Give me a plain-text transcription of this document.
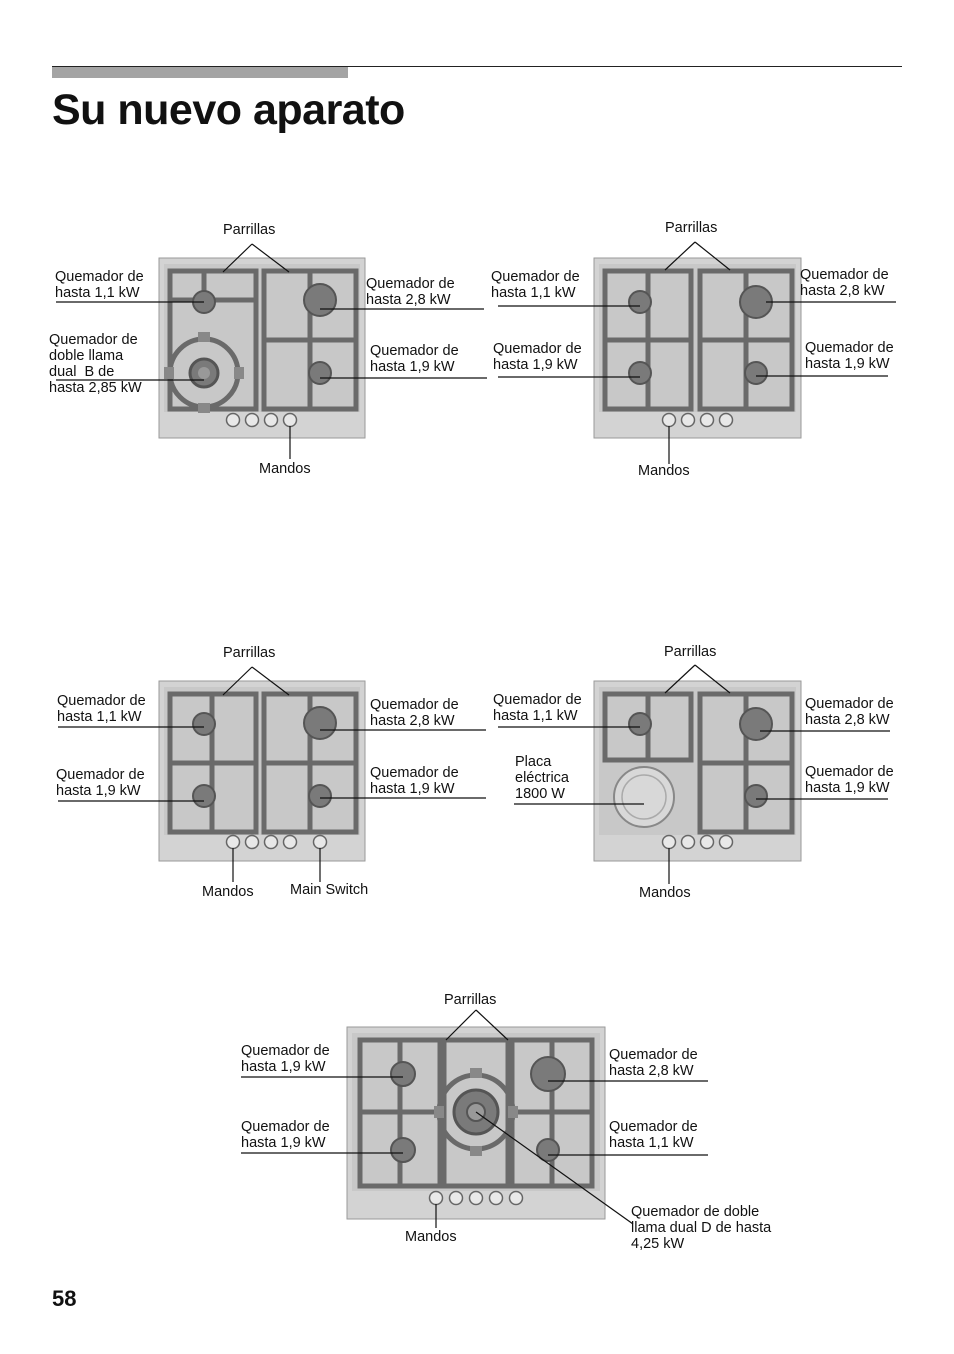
Su nuevo aparato
Parrillas
Quemador de
hasta 1,1 kW
Quemador de
hasta 2,8 kW
Quemador de
hasta 1,9 kW
Quemador de
doble llama
dual  B de
hasta 2,85 kW
Mandos
Parrillas
Quemador de
hasta 1,1 kW
Quemador de
hasta 2,8 kW
Quemador de
hasta 1,9 kW
Quemador de
hasta 1,9 kW
Mandos
Parrillas
Quemador de
hasta 1,1 kW
Quemador de
hasta 2,8 kW
Quemador de
hasta 1,9 kW
Quemador de
hasta 1,9 kW
Mandos	Main Switch
Parrillas
Quemador de
hasta 1,1 kW
Quemador de
hasta 2,8 kW
Placa
eléctrica
1800 W
Quemador de
hasta 1,9 kW
Mandos
Parrillas
Quemador de
hasta 1,9 kW
Quemador de
hasta 2,8 kW
Quemador de
hasta 1,9 kW
Quemador de
hasta 1,1 kW
Quemador de doble
llama dual D de hasta
4,25 kW
Mandos
58
